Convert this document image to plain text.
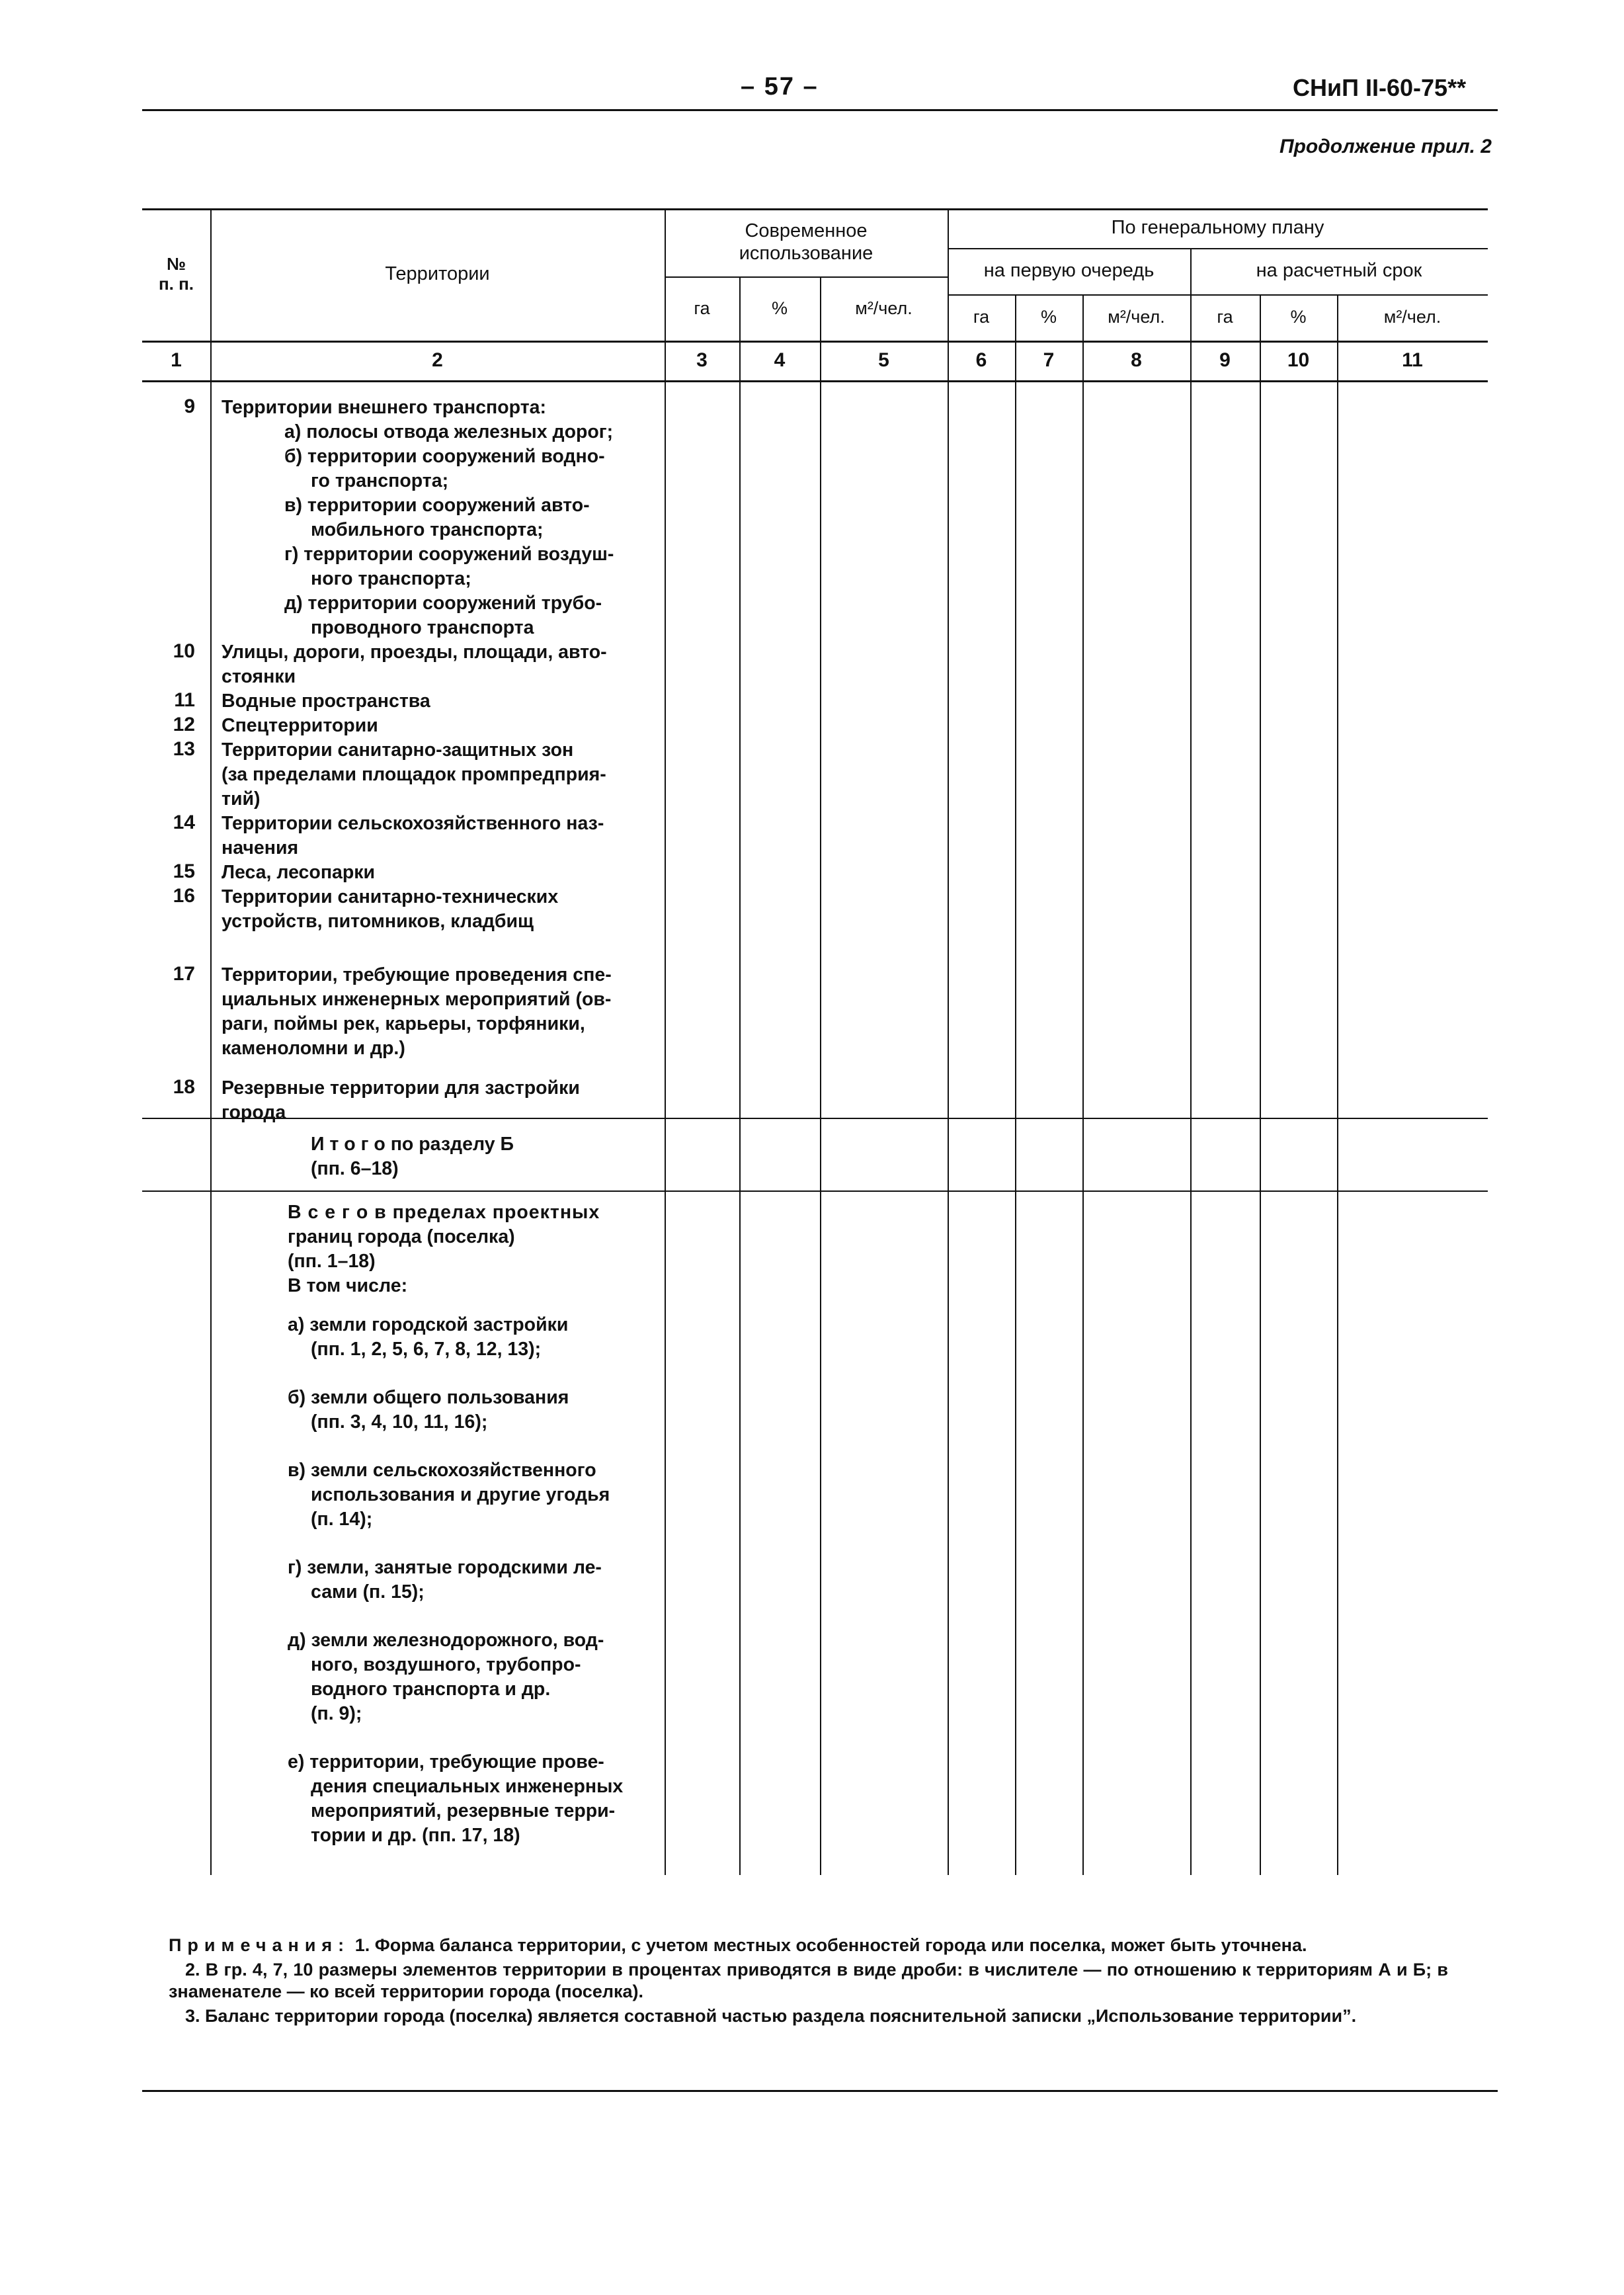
– 57 –	СНиП II-60-75**
Продолжение прил. 2
№
п. п.	Территории
Современное
использование
По генеральному плану
на первую очередь	на расчетный срок
га	%	м²/чел.	га	%	м²/чел.	га	%	м²/чел.
1	2	3	4	5	6	7	8	9	10	11
9 Территории внешнего транспорта:
а) полосы отвода железных дорог;
б) территории сооружений водно-
го транспорта;
в) территории сооружений авто-
мобильного транспорта;
г) территории сооружений воздуш-
ного транспорта;
д) территории сооружений трубо-
проводного транспорта
10 Улицы, дороги, проезды, площади, авто-
стоянки
11 Водные пространства
12 Спецтерритории
13 Территории санитарно-защитных зон
(за пределами площадок промпредприя-
тий)
14 Территории сельскохозяйственного наз-
начения
15 Леса, лесопарки
16 Территории санитарно-технических
устройств, питомников, кладбищ
17 Территории, требующие проведения спе-
циальных инженерных мероприятий (ов-
раги, поймы рек, карьеры, торфяники,
каменоломни и др.)
18 Резервные территории для застройки
города
И т о г о по разделу Б
(пп. 6–18)
В с е г о в пределах проектных
границ города (поселка)
(пп. 1–18)
В том числе:
а) земли городской застройки
(пп. 1, 2, 5, 6, 7, 8, 12, 13);
б) земли общего пользования
(пп. 3, 4, 10, 11, 16);
в) земли сельскохозяйственного
использования и другие угодья
(п. 14);
г) земли, занятые городскими ле-
сами (п. 15);
д) земли железнодорожного, вод-
ного, воздушного, трубопро-
водного транспорта и др.
(п. 9);
е) территории, требующие прове-
дения специальных инженерных
мероприятий, резервные терри-
тории и др. (пп. 17, 18)

Примечания: 1. Форма баланса территории, с учетом местных особенностей города или поселка, может быть уточнена.

2. В гр. 4, 7, 10 размеры элементов территории в процентах приводятся в виде дроби: в числителе — по отношению к территориям А и Б; в знаменателе — ко всей территории города (поселка).

3. Баланс территории города (поселка) является составной частью раздела пояснительной записки „Использование территории”.
